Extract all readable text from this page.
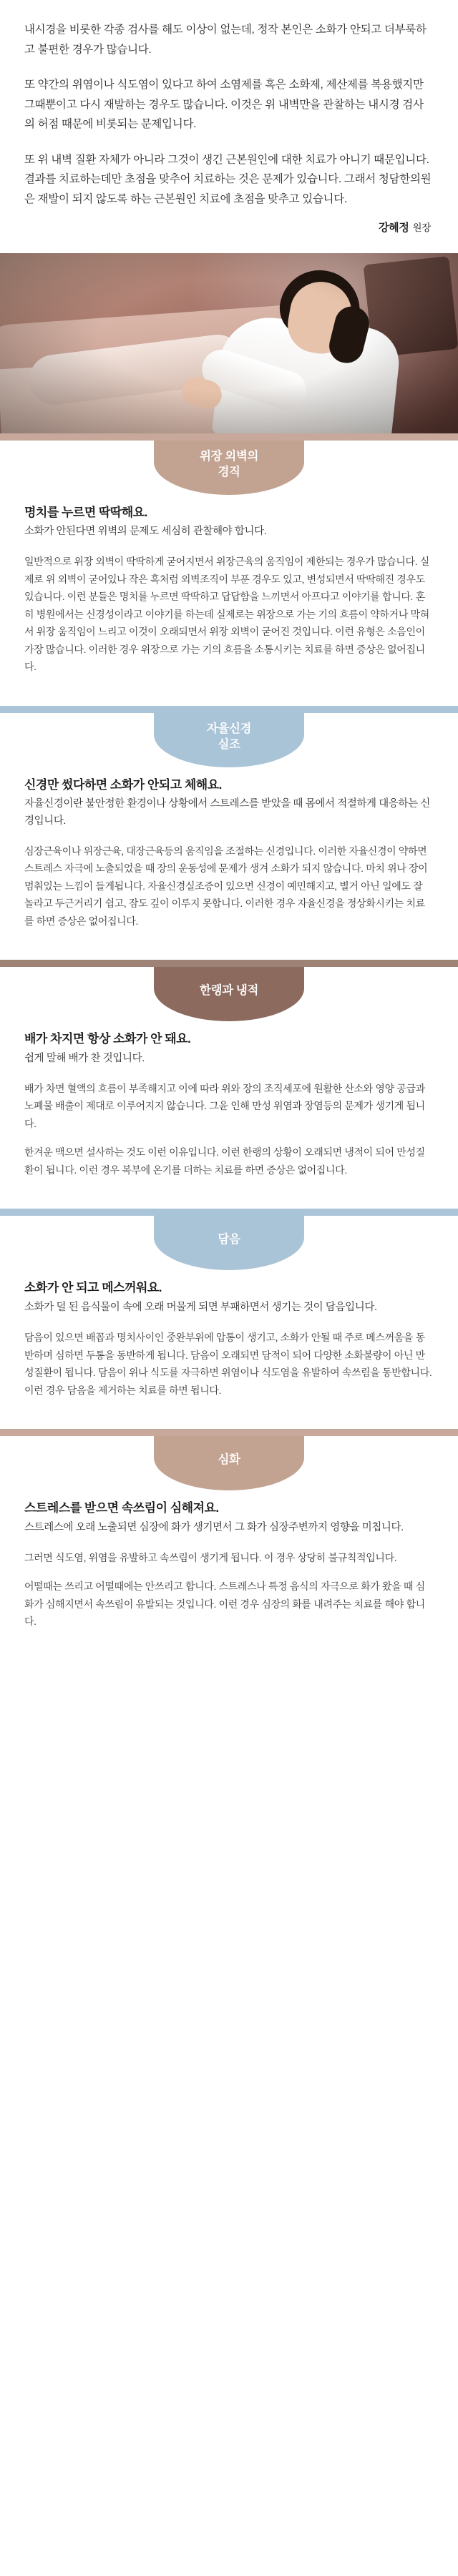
내시경을 비롯한 각종 검사를 해도 이상이 없는데, 정작 본인은 소화가 안되고 더부룩하고 불편한 경우가 많습니다.

또 약간의 위염이나 식도염이 있다고 하여 소염제를 혹은 소화제, 제산제를 복용했지만 그때뿐이고 다시 재발하는 경우도 많습니다. 이것은 위 내벽만을 관찰하는 내시경 검사의 허점 때문에 비롯되는 문제입니다.

또 위 내벽 질환 자체가 아니라 그것이 생긴 근본원인에 대한 치료가 아니기 때문입니다. 결과를 치료하는데만 초점을 맞추어 치료하는 것은 문제가 있습니다. 그래서 청담한의원은 재발이 되지 않도록 하는 근본원인 치료에 초점을 맞추고 있습니다.

강혜정 원장
위장 외벽의
경직

명치를 누르면 딱딱해요.

소화가 안된다면 위벽의 문제도 세심히 관찰해야 합니다.

일반적으로 위장 외벽이 딱딱하게 굳어지면서 위장근육의 움직임이 제한되는 경우가 많습니다. 실제로 위 외벽이 굳어있나 작은 혹처럼 외벽조직이 부푼 경우도 있고, 변성되면서 딱딱해진 경우도 있습니다. 이런 분들은 명치를 누르면 딱딱하고 답답함을 느끼면서 아프다고 이야기를 합니다. 혼히 병원에서는 신경성이라고 이야기를 하는데 실제로는 위장으로 가는 기의 흐름이 약하거나 막혀서 위장 움직임이 느리고 이것이 오래되면서 위장 외벽이 굳어진 것입니다. 이런 유형은 소음인이 가장 많습니다. 이러한 경우 위장으로 가는 기의 흐름을 소통시키는 치료를 하면 증상은 없어집니다.

자율신경
실조

신경만 썼다하면 소화가 안되고 체해요.

자율신경이란 불안정한 환경이나 상황에서 스트레스를 받았을 때 몸에서 적절하게 대응하는 신경입니다.

심장근육이나 위장근육, 대장근육등의 움직임을 조절하는 신경입니다. 이러한 자율신경이 약하면 스트레스 자극에 노출되었을 때 장의 운동성에 문제가 생겨 소화가 되지 않습니다. 마치 위나 장이 멈춰있는 느낌이 들게됩니다. 자율신경실조증이 있으면 신경이 예민해지고, 별거 아닌 일에도 잘 놀라고 두근거리기 쉽고, 잠도 깊이 이루지 못합니다. 이러한 경우 자율신경을 정상화시키는 치료를 하면 증상은 없어집니다.

한랭과 냉적

배가 차지면 항상 소화가 안 돼요.

쉽게 말해 배가 찬 것입니다.

배가 차면 혈액의 흐름이 부족해지고 이에 따라 위와 장의 조직세포에 원활한 산소와 영양 공급과 노폐물 배출이 제대로 이루어지지 않습니다. 그윤 인해 만성 위염과 장염등의 문제가 생기게 됩니다.

한겨운 맥으면 설사하는 것도 이런 이유입니다. 이런 한랭의 상황이 오래되면 냉적이 되어 만성질환이 됩니다. 이런 경우 복부에 온기를 더하는 치료를 하면 증상은 없어집니다.

담음

소화가 안 되고 메스꺼워요.

소화가 덜 된 음식물이 속에 오래 머물게 되면 부패하면서 생기는 것이 담음입니다.

담음이 있으면 배꼽과 명치사이인 중완부위에 압통이 생기고, 소화가 안될 때 주로 메스꺼움을 동반하며 심하면 두통을 동반하게 됩니다. 담음이 오래되면 담적이 되어 다양한 소화불량이 아닌 만성질환이 됩니다. 담음이 위나 식도를 자극하면 위염이나 식도염을 유발하여 속쓰림을 동반합니다. 이런 경우 담음을 제거하는 치료를 하면 됩니다.

심화

스트레스를 받으면 속쓰림이 심해져요.

스트레스에 오래 노출되면 심장에 화가 생기면서 그 화가 심장주변까지 영향을 미칩니다.

그러면 식도염, 위염을 유발하고 속쓰림이 생기게 됩니다. 이 경우 상당히 불규칙적입니다.

어떨때는 쓰리고 어떨때에는 안쓰리고 합니다. 스트레스나 특정 음식의 자극으로 화가 왔을 때 심화가 심해지면서 속쓰림이 유발되는 것입니다. 이런 경우 심장의 화를 내려주는 치료를 해야 합니다.
